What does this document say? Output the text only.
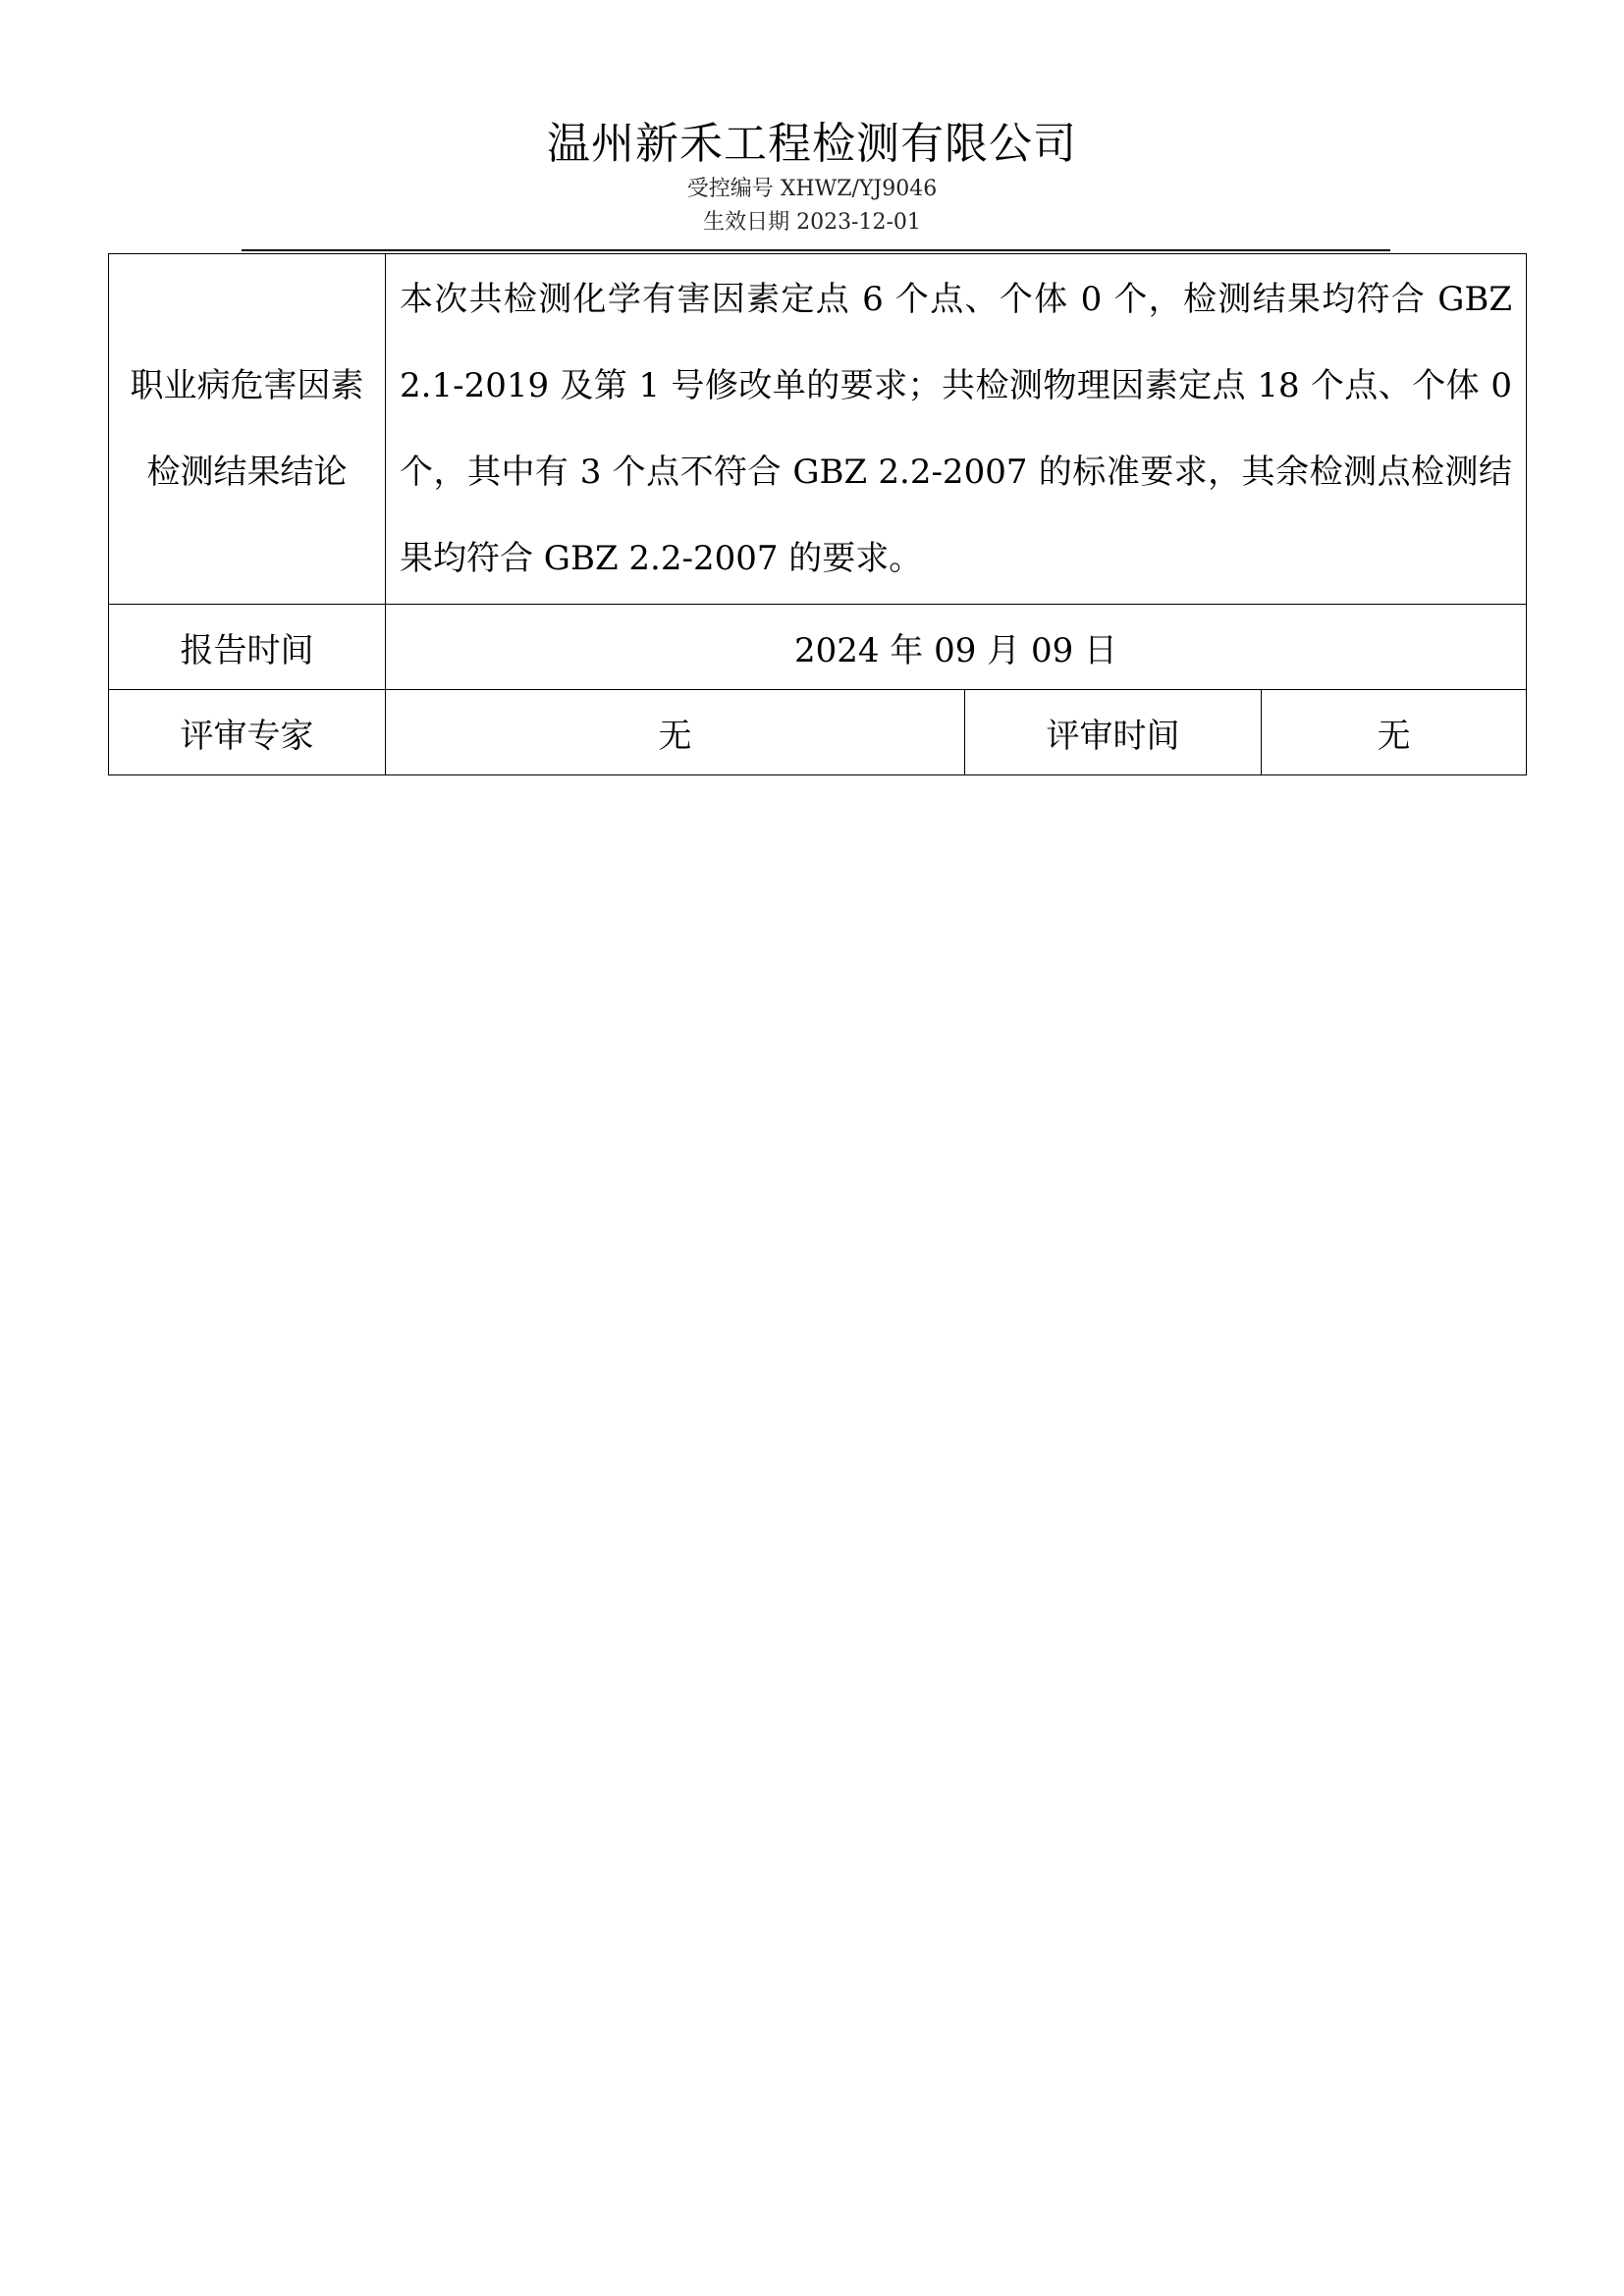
温州新禾工程检测有限公司
受控编号 XHWZ/YJ9046
生效日期 2023-12-01
职业病危害因素检测结果结论	本次共检测化学有害因素定点 6 个点、个体 0 个，检测结果均符合 GBZ 2.1-2019 及第 1 号修改单的要求；共检测物理因素定点 18 个点、个体 0 个，其中有 3 个点不符合 GBZ 2.2-2007 的标准要求，其余检测点检测结果均符合 GBZ 2.2-2007 的要求。		
报告时间	2024 年 09 月 09 日		
评审专家	无	评审时间	无
